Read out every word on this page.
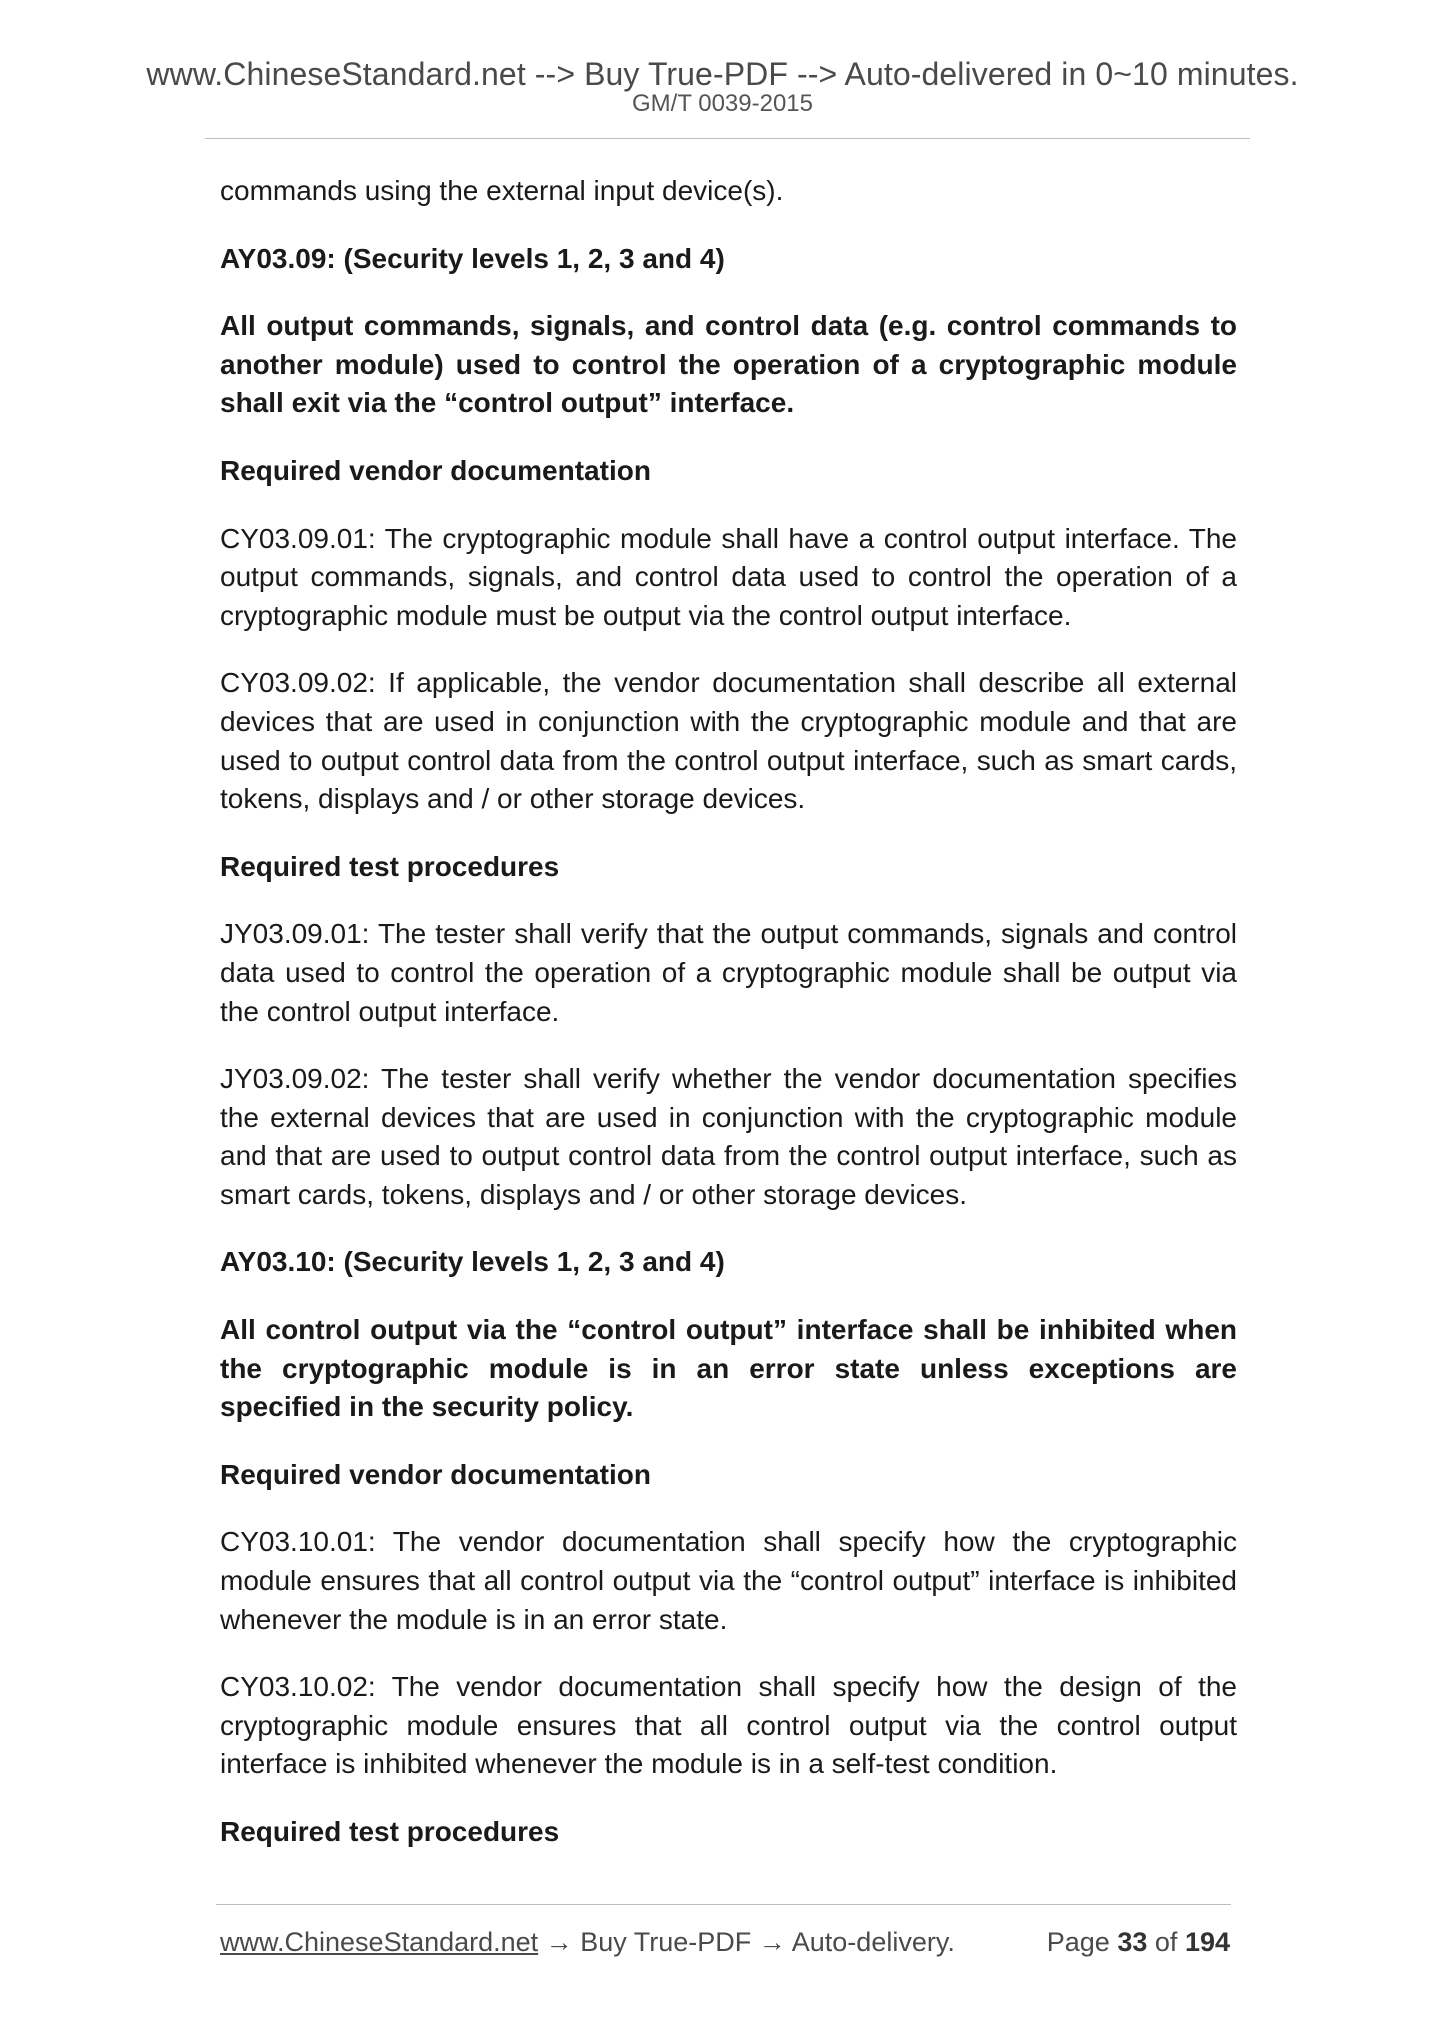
www.ChineseStandard.net --> Buy True-PDF --> Auto-delivered in 0~10 minutes.
GM/T 0039-2015

commands using the external input device(s).

AY03.09: (Security levels 1, 2, 3 and 4)

All output commands, signals, and control data (e.g. control commands to another module) used to control the operation of a cryptographic module shall exit via the “control output” interface.

Required vendor documentation

CY03.09.01: The cryptographic module shall have a control output interface. The output commands, signals, and control data used to control the operation of a cryptographic module must be output via the control output interface.

CY03.09.02: If applicable, the vendor documentation shall describe all external devices that are used in conjunction with the cryptographic module and that are used to output control data from the control output interface, such as smart cards, tokens, displays and / or other storage devices.

Required test procedures

JY03.09.01: The tester shall verify that the output commands, signals and control data used to control the operation of a cryptographic module shall be output via the control output interface.

JY03.09.02: The tester shall verify whether the vendor documentation specifies the external devices that are used in conjunction with the cryptographic module and that are used to output control data from the control output interface, such as smart cards, tokens, displays and / or other storage devices.

AY03.10: (Security levels 1, 2, 3 and 4)

All control output via the “control output” interface shall be inhibited when the cryptographic module is in an error state unless exceptions are specified in the security policy.

Required vendor documentation

CY03.10.01: The vendor documentation shall specify how the cryptographic module ensures that all control output via the “control output” interface is inhibited whenever the module is in an error state.

CY03.10.02: The vendor documentation shall specify how the design of the cryptographic module ensures that all control output via the control output interface is inhibited whenever the module is in a self-test condition.

Required test procedures

www.ChineseStandard.net → Buy True-PDF → Auto-delivery.	Page 33 of 194
